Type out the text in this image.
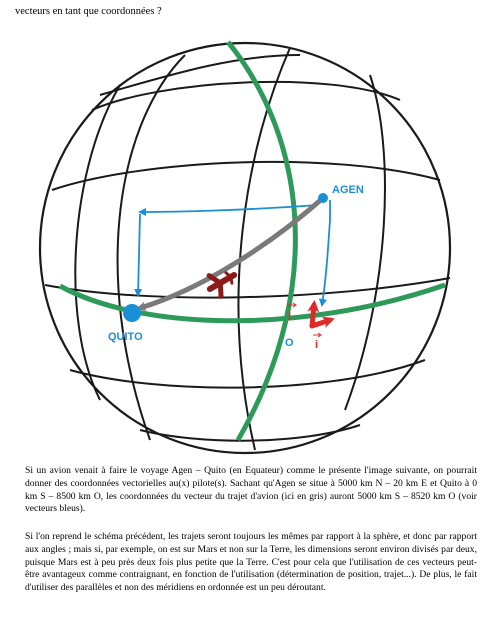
vecteurs en tant que coordonnées ?
AGEN
QUITO	O
j
i

Si un avion venait à faire le voyage Agen – Quito (en Equateur) comme le présente l'image suivante, on pourrait donner des coordonnées vectorielles au(x) pilote(s). Sachant qu'Agen se situe à 5000 km N – 20 km E et Quito à 0 km S – 8500 km O, les coordonnées du vecteur du trajet d'avion (ici en gris) auront 5000 km S – 8520 km O (voir vecteurs bleus).

Si l'on reprend le schéma précédent, les trajets seront toujours les mêmes par rapport à la sphère, et donc par rapport aux angles ; mais si, par exemple, on est sur Mars et non sur la Terre, les dimensions seront environ divisés par deux, puisque Mars est à peu près deux fois plus petite que la Terre. C'est pour cela que l'utilisation de ces vecteurs peut-être avantageux comme contraignant, en fonction de l'utilisation (détermination de position, trajet...). De plus, le fait d'utiliser des parallèles et non des méridiens en ordonnée est un peu déroutant.
